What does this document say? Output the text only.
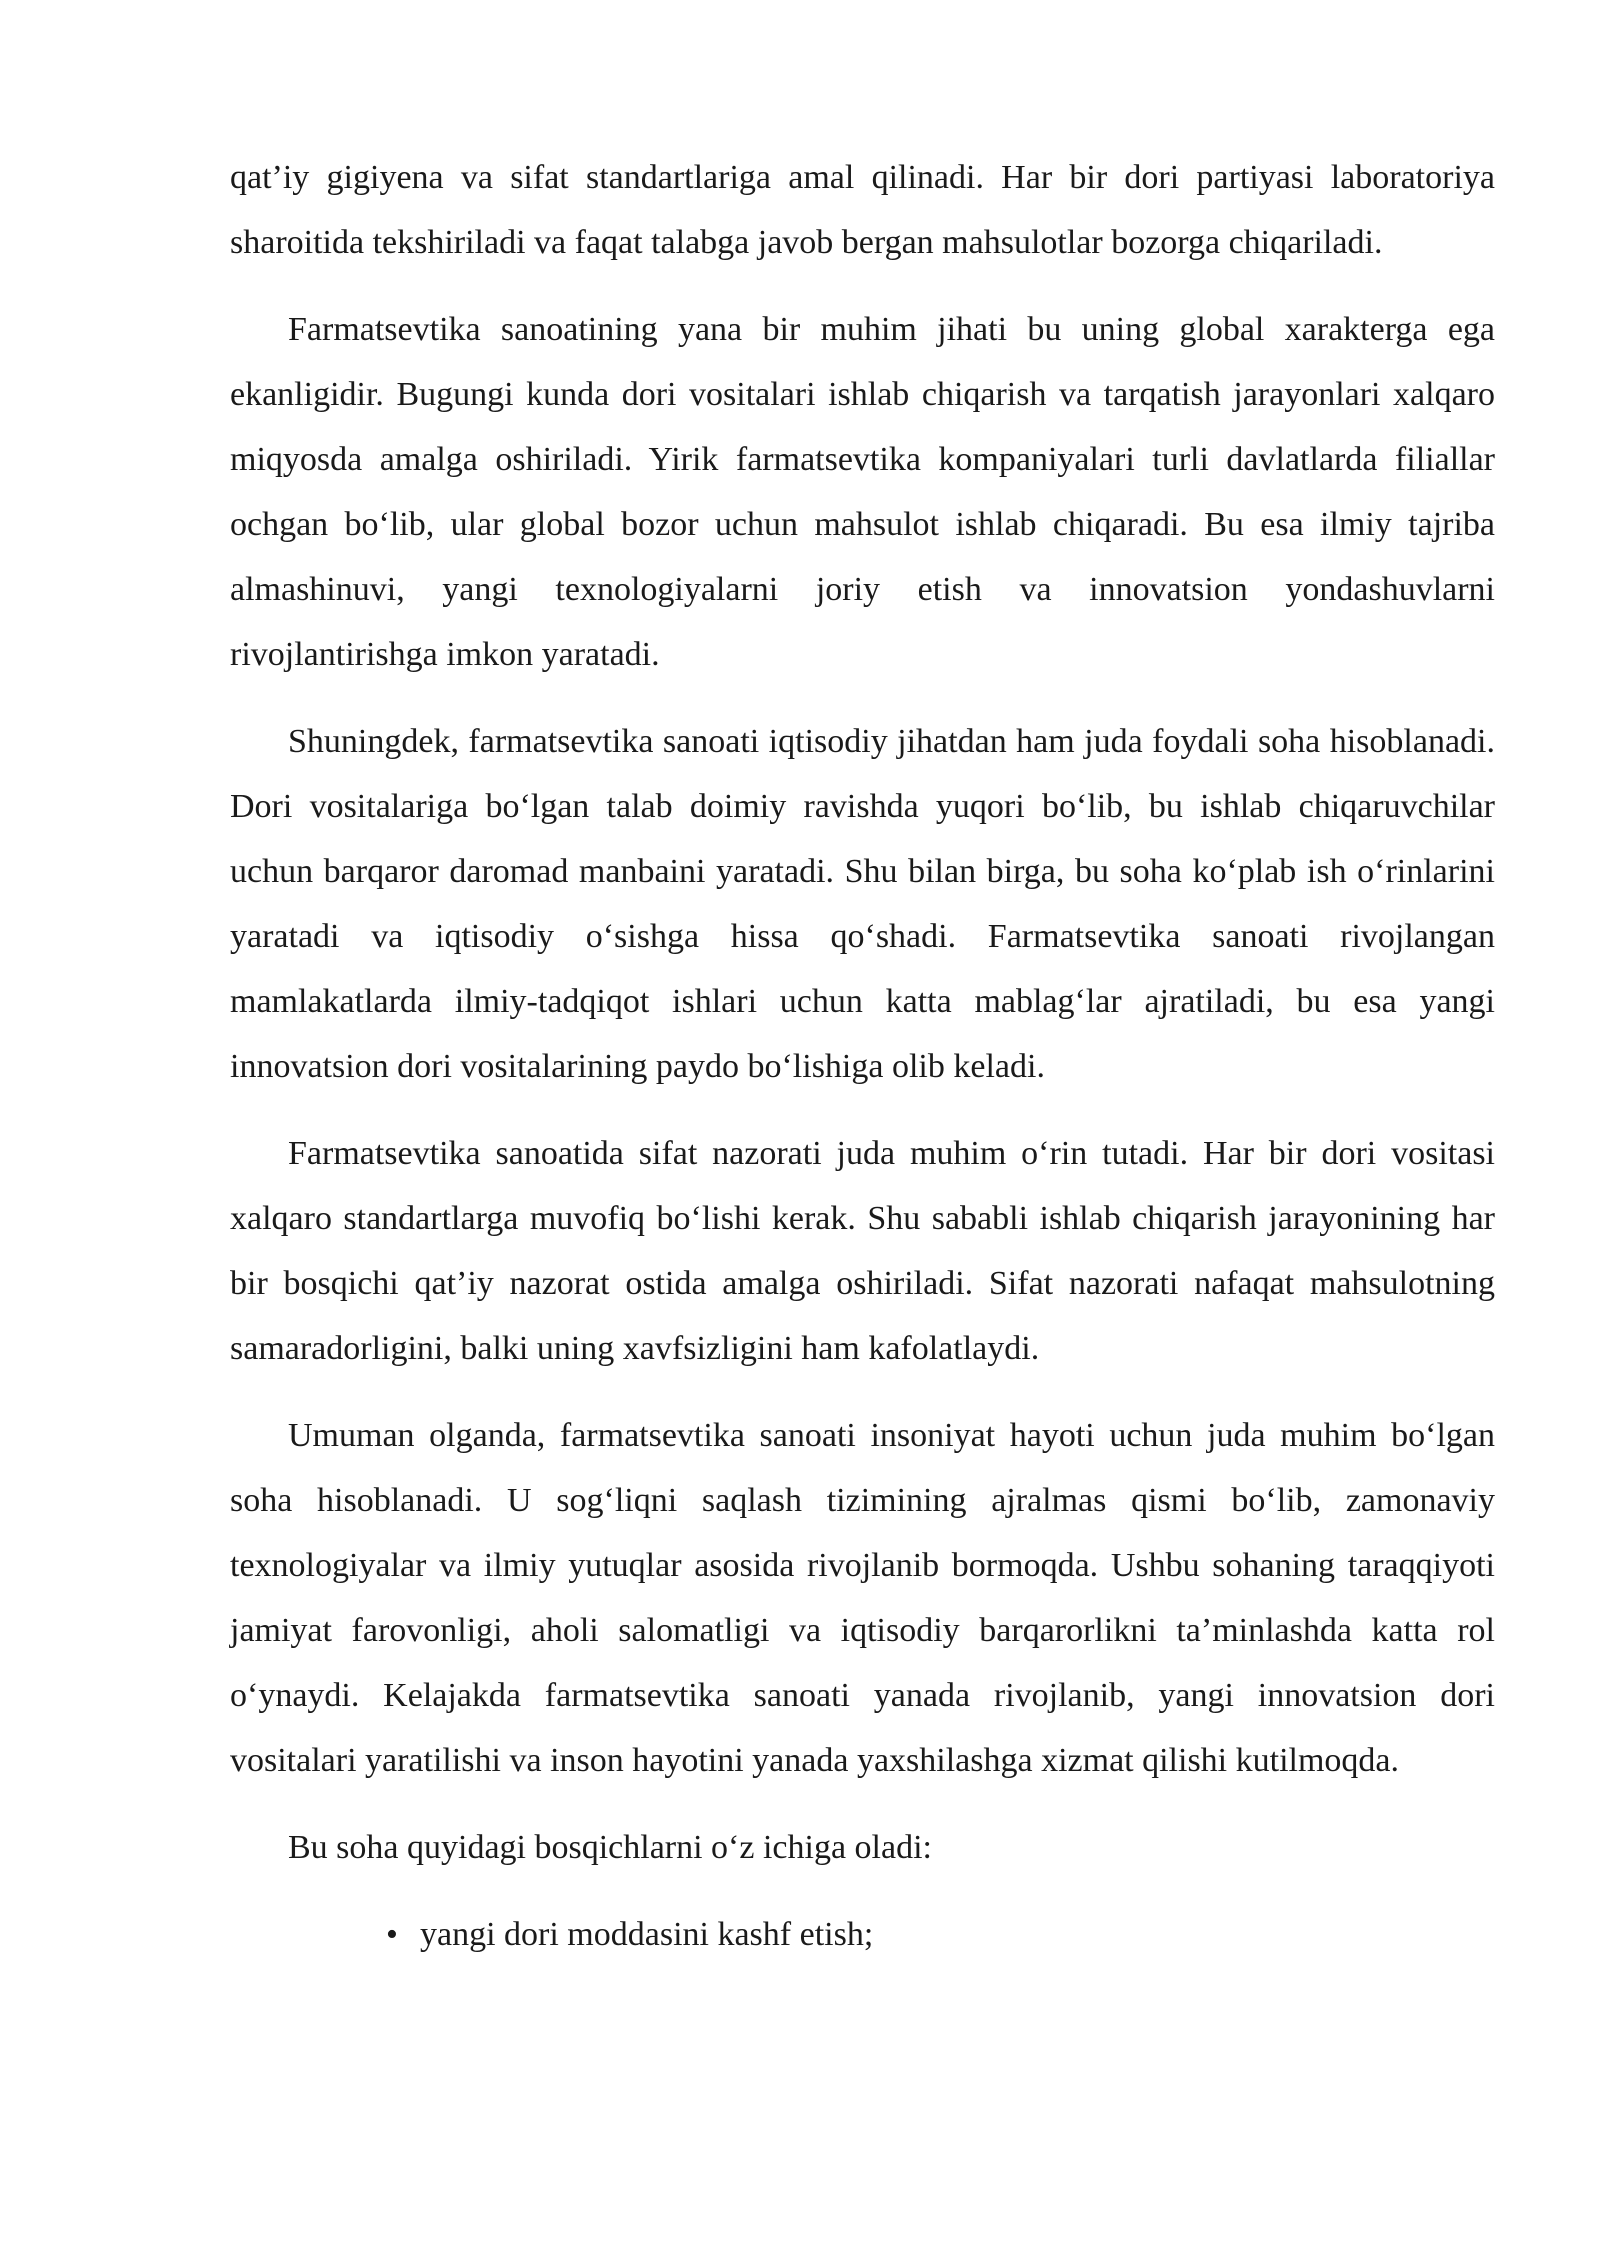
qat’iy gigiyena va sifat standartlariga amal qilinadi. Har bir dori partiyasi laboratoriya sharoitida tekshiriladi va faqat talabga javob bergan mahsulotlar bozorga chiqariladi.

Farmatsevtika sanoatining yana bir muhim jihati bu uning global xarakterga ega ekanligidir. Bugungi kunda dori vositalari ishlab chiqarish va tarqatish jarayonlari xalqaro miqyosda amalga oshiriladi. Yirik farmatsevtika kompaniyalari turli davlatlarda filiallar ochgan bo‘lib, ular global bozor uchun mahsulot ishlab chiqaradi. Bu esa ilmiy tajriba almashinuvi, yangi texnologiyalarni joriy etish va innovatsion yondashuvlarni rivojlantirishga imkon yaratadi.

Shuningdek, farmatsevtika sanoati iqtisodiy jihatdan ham juda foydali soha hisoblanadi. Dori vositalariga bo‘lgan talab doimiy ravishda yuqori bo‘lib, bu ishlab chiqaruvchilar uchun barqaror daromad manbaini yaratadi. Shu bilan birga, bu soha ko‘plab ish o‘rinlarini yaratadi va iqtisodiy o‘sishga hissa qo‘shadi. Farmatsevtika sanoati rivojlangan mamlakatlarda ilmiy-tadqiqot ishlari uchun katta mablag‘lar ajratiladi, bu esa yangi innovatsion dori vositalarining paydo bo‘lishiga olib keladi.

Farmatsevtika sanoatida sifat nazorati juda muhim o‘rin tutadi. Har bir dori vositasi xalqaro standartlarga muvofiq bo‘lishi kerak. Shu sababli ishlab chiqarish jarayonining har bir bosqichi qat’iy nazorat ostida amalga oshiriladi. Sifat nazorati nafaqat mahsulotning samaradorligini, balki uning xavfsizligini ham kafolatlaydi.

Umuman olganda, farmatsevtika sanoati insoniyat hayoti uchun juda muhim bo‘lgan soha hisoblanadi. U sog‘liqni saqlash tizimining ajralmas qismi bo‘lib, zamonaviy texnologiyalar va ilmiy yutuqlar asosida rivojlanib bormoqda. Ushbu sohaning taraqqiyoti jamiyat farovonligi, aholi salomatligi va iqtisodiy barqarorlikni ta’minlashda katta rol o‘ynaydi. Kelajakda farmatsevtika sanoati yanada rivojlanib, yangi innovatsion dori vositalari yaratilishi va inson hayotini yanada yaxshilashga xizmat qilishi kutilmoqda.

Bu soha quyidagi bosqichlarni o‘z ichiga oladi:

• yangi dori moddasini kashf etish;
